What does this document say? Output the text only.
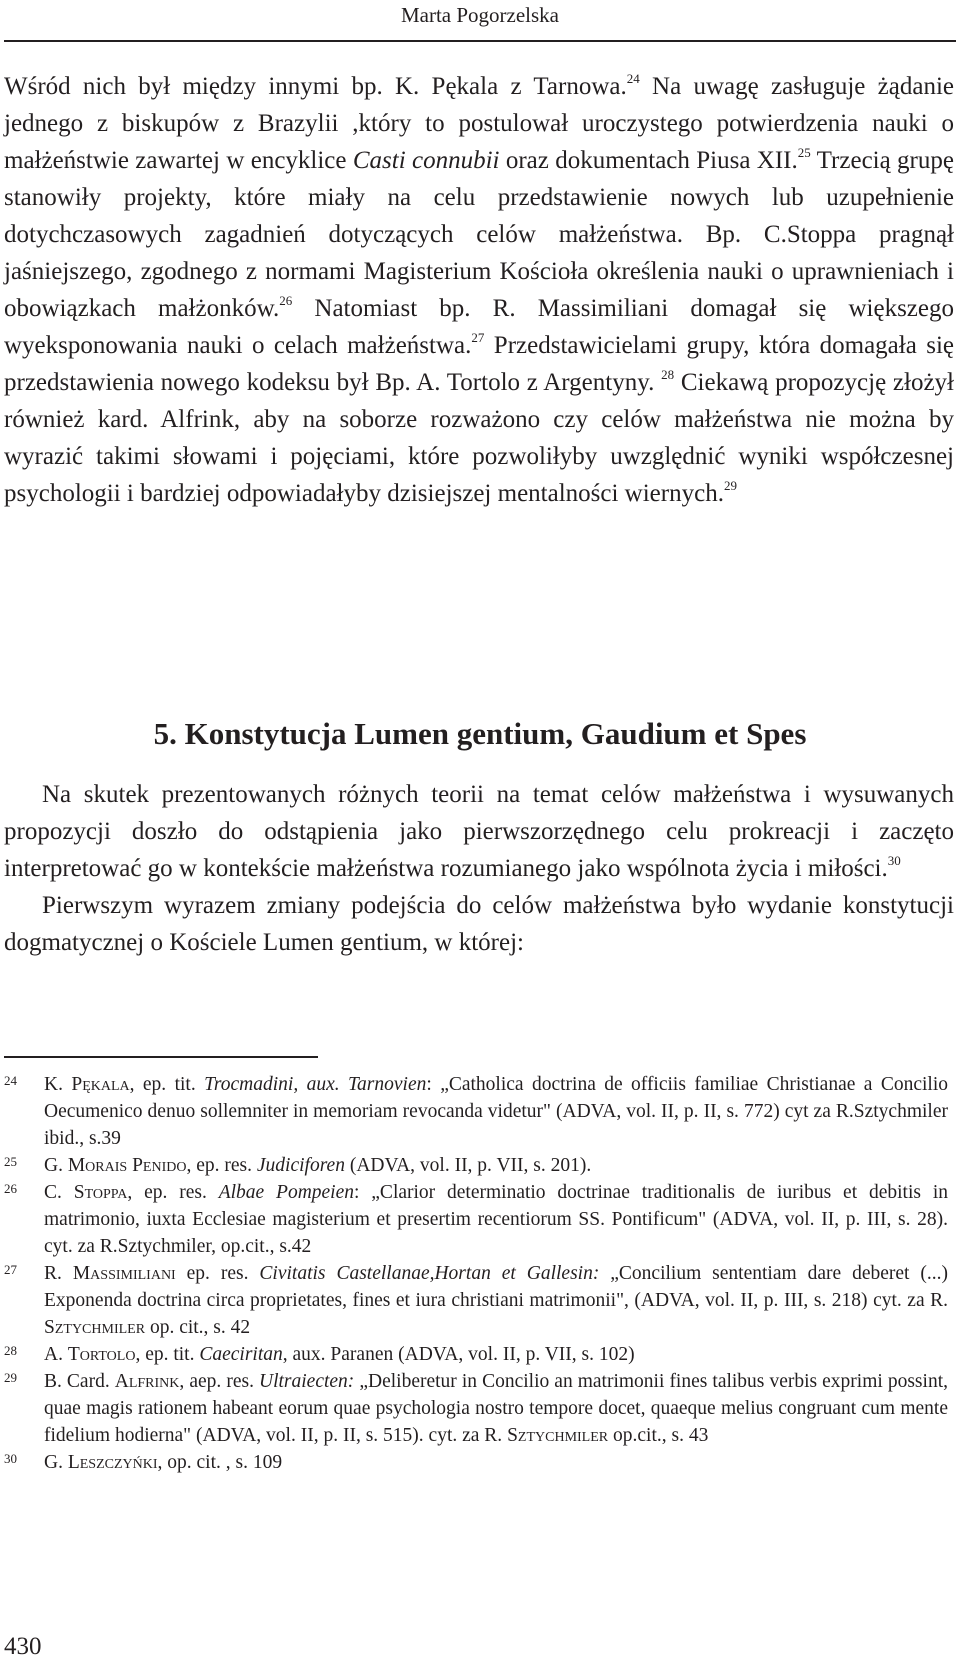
Marta Pogorzelska

Wśród nich był między innymi bp. K. Pękala z Tarnowa.$^{24}$ Na uwagę zasługuje żądanie jednego z biskupów z Brazylii ,który to postulował uroczystego potwierdzenia nauki o małżeństwie zawartej w encyklice Casti connubii oraz dokumentach Piusa XII.$^{25}$ Trzecią grupę stanowiły projekty, które miały na celu przedstawienie nowych lub uzupełnienie dotychczasowych zagadnień dotyczących celów małżeństwa. Bp. C.Stoppa pragnął jaśniejszego, zgodnego z normami Magisterium Kościoła określenia nauki o uprawnieniach i obowiązkach małżonków.$^{26}$ Natomiast bp. R. Massimiliani domagał się większego wyeksponowania nauki o celach małżeństwa.$^{27}$ Przedstawicielami grupy, która domagała się przedstawienia nowego kodeksu był Bp. A. Tortolo z Argentyny. $^{28}$ Ciekawą propozycję złożył również kard. Alfrink, aby na soborze rozważono czy celów małżeństwa nie można by wyrazić takimi słowami i pojęciami, które pozwoliłyby uwzględnić wyniki współczesnej psychologii i bardziej odpowiadałyby dzisiejszej mentalności wiernych.$^{29}$

5. Konstytucja Lumen gentium, Gaudium et Spes

Na skutek prezentowanych różnych teorii na temat celów małżeństwa i wysuwanych propozycji doszło do odstąpienia jako pierwszorzędnego celu prokreacji i zaczęto interpretować go w kontekście małżeństwa rozumianego jako wspólnota życia i miłości.$^{30}$

Pierwszym wyrazem zmiany podejścia do celów małżeństwa było wydanie konstytucji dogmatycznej o Kościele Lumen gentium, w której:

24 K. Pękala, ep. tit. Trocmadini, aux. Tarnovien: „Catholica doctrina de officiis familiae Christianae a Concilio Oecumenico denuo sollemniter in memoriam revocanda videtur" (ADVA, vol. II, p. II, s. 772) cyt za R.Sztychmiler ibid., s.39
25 G. Morais Penido, ep. res. Judiciforen (ADVA, vol. II, p. VII, s. 201).
26 C. Stoppa, ep. res. Albae Pompeien: „Clarior determinatio doctrinae traditionalis de iuribus et debitis in matrimonio, iuxta Ecclesiae magisterium et presertim recentiorum SS. Pontificum" (ADVA, vol. II, p. III, s. 28). cyt. za R.Sztychmiler, op.cit., s.42
27 R. Massimiliani ep. res. Civitatis Castellanae,Hortan et Gallesin: „Concilium sententiam dare deberet (...) Exponenda doctrina circa proprietates, fines et iura christiani matrimonii", (ADVA, vol. II, p. III, s. 218) cyt. za R. Sztychmiler op. cit., s. 42
28 A. Tortolo, ep. tit. Caeciritan, aux. Paranen (ADVA, vol. II, p. VII, s. 102)
29 B. Card. Alfrink, aep. res. Ultraiecten: „Deliberetur in Concilio an matrimonii fines talibus verbis exprimi possint, quae magis rationem habeant eorum quae psychologia nostro tempore docet, quaeque melius congruant cum mente fidelium hodierna" (ADVA, vol. II, p. II, s. 515). cyt. za R. Sztychmiler op.cit., s. 43
30 G. Leszczyńki, op. cit. , s. 109
430
